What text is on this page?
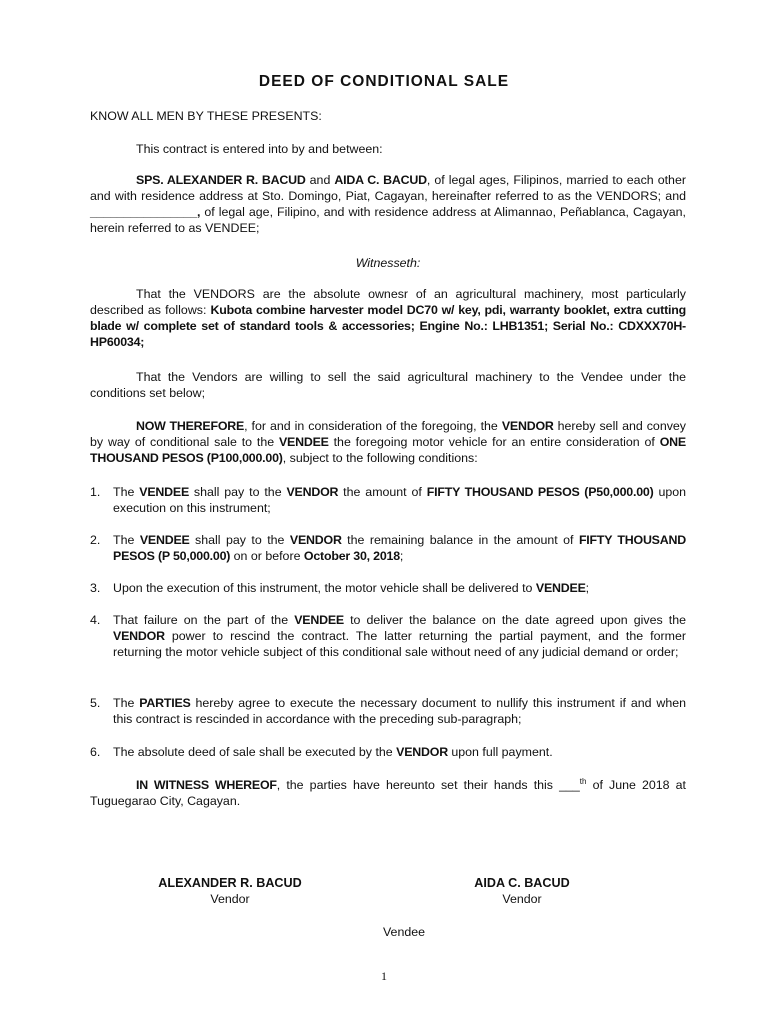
DEED OF CONDITIONAL SALE
KNOW ALL MEN BY THESE PRESENTS:
This contract is entered into by and between:
SPS. ALEXANDER R. BACUD and AIDA C. BACUD, of legal ages, Filipinos, married to each other and with residence address at Sto. Domingo, Piat, Cagayan, hereinafter referred to as the VENDORS; and ________________, of legal age, Filipino, and with residence address at Alimannao, Peñablanca, Cagayan, herein referred to as VENDEE;
Witnesseth:
That the VENDORS are the absolute ownesr of an agricultural machinery, most particularly described as follows: Kubota combine harvester model DC70 w/ key, pdi, warranty booklet, extra cutting blade w/ complete set of standard tools & accessories; Engine No.: LHB1351; Serial No.: CDXXX70H-HP60034;
That the Vendors are willing to sell the said agricultural machinery to the Vendee under the conditions set below;
NOW THEREFORE, for and in consideration of the foregoing, the VENDOR hereby sell and convey by way of conditional sale to the VENDEE the foregoing motor vehicle for an entire consideration of ONE THOUSAND PESOS (P100,000.00), subject to the following conditions:
1.	The VENDEE shall pay to the VENDOR the amount of FIFTY THOUSAND PESOS (P50,000.00) upon execution on this instrument;
2.	The VENDEE shall pay to the VENDOR the remaining balance in the amount of FIFTY THOUSAND PESOS (P 50,000.00) on or before October 30, 2018;
3.	Upon the execution of this instrument, the motor vehicle shall be delivered to VENDEE;
4.	That failure on the part of the VENDEE to deliver the balance on the date agreed upon gives the VENDOR power to rescind the contract. The latter returning the partial payment, and the former returning the motor vehicle subject of this conditional sale without need of any judicial demand or order;
5.	The PARTIES hereby agree to execute the necessary document to nullify this instrument if and when this contract is rescinded in accordance with the preceding sub-paragraph;
6.	The absolute deed of sale shall be executed by the VENDOR upon full payment.
IN WITNESS WHEREOF, the parties have hereunto set their hands this ___$^{th}$ of June 2018 at Tuguegarao City, Cagayan.
ALEXANDER R. BACUD
Vendor
AIDA C. BACUD
Vendor
Vendee
1
